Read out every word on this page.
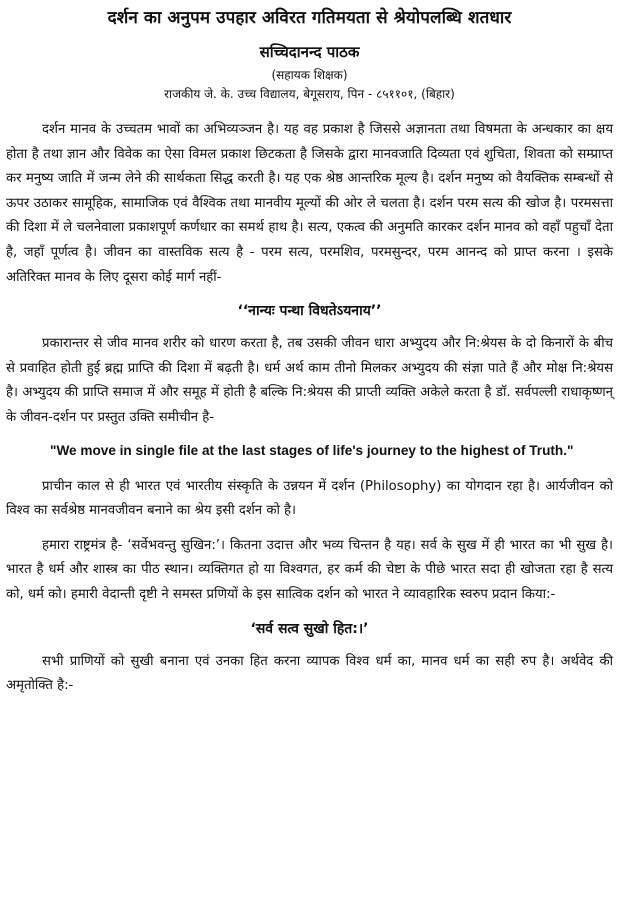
दर्शन का अनुपम उपहार अविरत गतिमयता से श्रेयोपलब्धि शतधार
सच्चिदानन्द पाठक
(सहायक शिक्षक)
राजकीय जे. के. उच्च विद्यालय, बेगूसराय, पिन - ८५११०१, (बिहार)

दर्शन मानव के उच्चतम भावों का अभिव्यञ्जन है। यह वह प्रकाश है जिससे अज्ञानता तथा विषमता के अन्धकार का क्षय होता है तथा ज्ञान और विवेक का ऐसा विमल प्रकाश छिटकता है जिसके द्वारा मानवजाति दिव्यता एवं शुचिता, शिवता को सम्प्राप्त कर मनुष्य जाति में जन्म लेने की सार्थकता सिद्ध करती है। यह एक श्रेष्ठ आन्तरिक मूल्य है। दर्शन मनुष्य को वैयक्तिक सम्बन्धों से ऊपर उठाकर सामूहिक, सामाजिक एवं वैश्विक तथा मानवीय मूल्यों की ओर ले चलता है। दर्शन परम सत्य की खोज है। परमसत्ता की दिशा में ले चलनेवाला प्रकाशपूर्ण कर्णधार का समर्थ हाथ है। सत्य, एकत्व की अनुमति कारकर दर्शन मानव को वहाँ पहुचाँ देता है, जहाँ पूर्णत्व है। जीवन का वास्तविक सत्य है - परम सत्य, परमशिव, परमसुन्दर, परम आनन्द को प्राप्त करना । इसके अतिरिक्त मानव के लिए दूसरा कोई मार्ग नहीं-

‘‘नान्यः पन्था विधतेऽयनाय’’

प्रकारान्तर से जीव मानव शरीर को धारण करता है, तब उसकी जीवन धारा अभ्युदय और नि:श्रेयस के दो किनारों के बीच से प्रवाहित होती हुई ब्रह्म प्राप्ति की दिशा में बढ़ती है। धर्म अर्थ काम तीनो मिलकर अभ्युदय की संज्ञा पाते हैं और मोक्ष नि:श्रेयस है। अभ्युदय की प्राप्ति समाज में और समूह में होती है बल्कि नि:श्रेयस की प्राप्ती व्यक्ति अकेले करता है डॉ. सर्वपल्ली राधाकृष्णन् के जीवन-दर्शन पर प्रस्तुत उक्ति समीचीन है-

"We move in single file at the last stages of life's journey to the highest of Truth."

प्राचीन काल से ही भारत एवं भारतीय संस्कृति के उन्नयन में दर्शन (Philosophy) का योगदान रहा है। आर्यजीवन को विश्व का सर्वश्रेष्ठ मानवजीवन बनाने का श्रेय इसी दर्शन को है।

हमारा राष्ट्रमंत्र है- ‘सर्वेभवन्तु सुखिन:’। कितना उदात्त और भव्य चिन्तन है यह। सर्व के सुख में ही भारत का भी सुख है। भारत है धर्म और शास्त्र का पीठ स्थान। व्यक्तिगत हो या विश्वगत, हर कर्म की चेष्टा के पीछे भारत सदा ही खोजता रहा है सत्य को, धर्म को। हमारी वेदान्ती दृष्टी ने समस्त प्रणियों के इस सात्विक दर्शन को भारत ने व्यावहारिक स्वरुप प्रदान किया:-

‘सर्व सत्व सुखो हित:।’

सभी प्राणियों को सुखी बनाना एवं उनका हित करना व्यापक विश्व धर्म का, मानव धर्म का सही रुप है। अर्थवेद की अमृतोक्ति है:-
